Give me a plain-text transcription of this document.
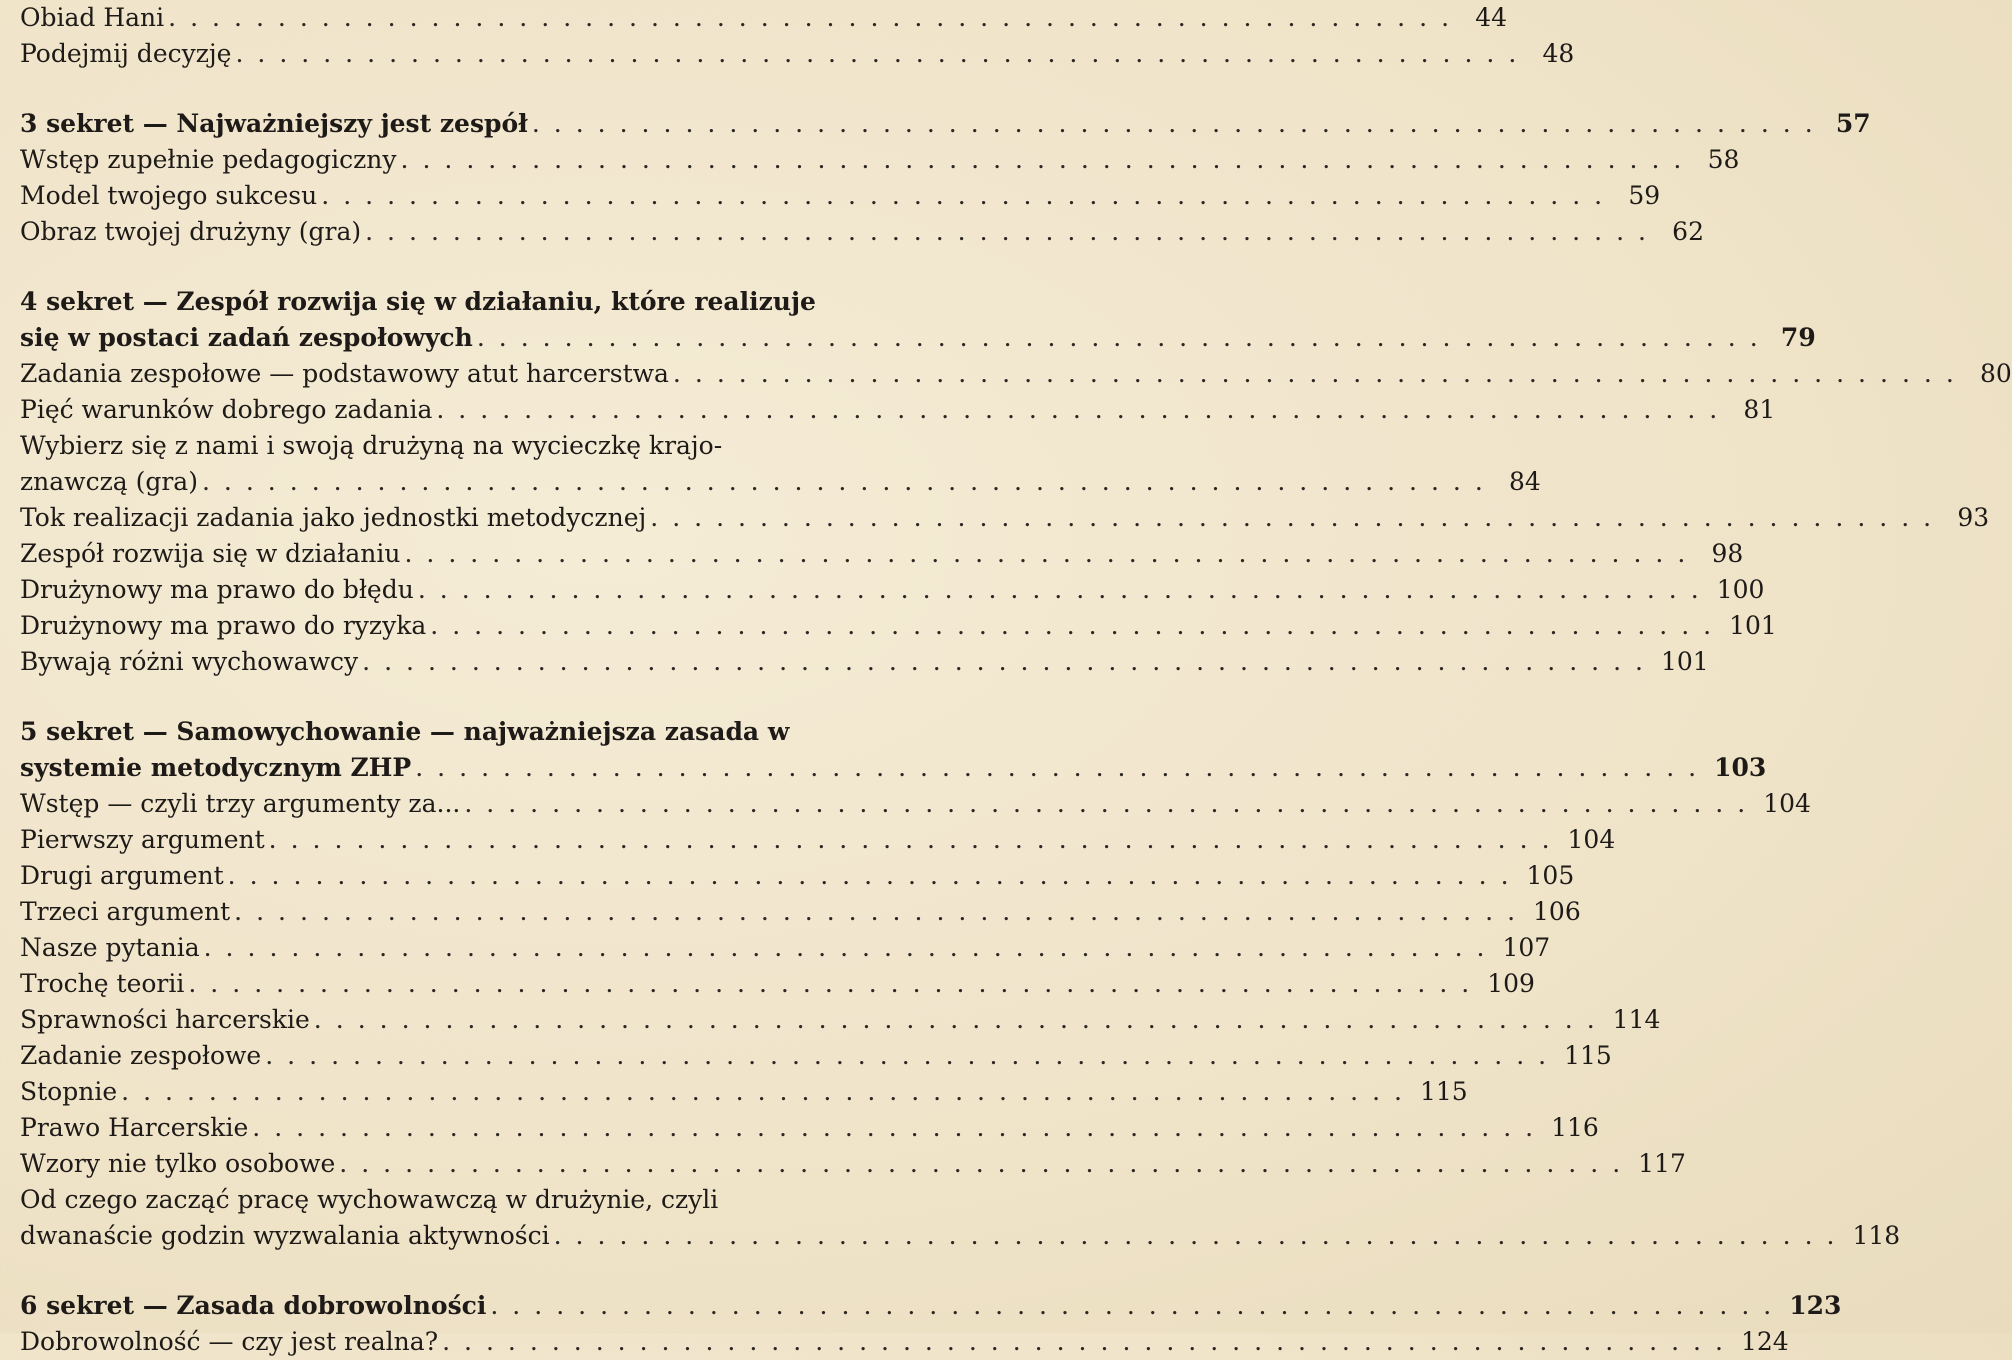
Obiad Hani ........................................................... 44
Podejmij decyzję ........................................................... 48
3 sekret — Najważniejszy jest zespół ........................................................... 57
Wstęp zupełnie pedagogiczny ........................................................... 58
Model twojego sukcesu ........................................................... 59
Obraz twojej drużyny (gra) ........................................................... 62
4 sekret — Zespół rozwija się w działaniu, które realizuje
się w postaci zadań zespołowych ........................................................... 79
Zadania zespołowe — podstawowy atut harcerstwa ........................................................... 80
Pięć warunków dobrego zadania ........................................................... 81
Wybierz się z nami i swoją drużyną na wycieczkę krajo-
znawczą (gra) ........................................................... 84
Tok realizacji zadania jako jednostki metodycznej ........................................................... 93
Zespół rozwija się w działaniu ........................................................... 98
Drużynowy ma prawo do błędu ........................................................... 100
Drużynowy ma prawo do ryzyka ........................................................... 101
Bywają różni wychowawcy ........................................................... 101
5 sekret — Samowychowanie — najważniejsza zasada w
systemie metodycznym ZHP ........................................................... 103
Wstęp — czyli trzy argumenty za... ........................................................... 104
Pierwszy argument ........................................................... 104
Drugi argument ........................................................... 105
Trzeci argument ........................................................... 106
Nasze pytania ........................................................... 107
Trochę teorii ........................................................... 109
Sprawności harcerskie ........................................................... 114
Zadanie zespołowe ........................................................... 115
Stopnie ........................................................... 115
Prawo Harcerskie ........................................................... 116
Wzory nie tylko osobowe ........................................................... 117
Od czego zacząć pracę wychowawczą w drużynie, czyli
dwanaście godzin wyzwalania aktywności ........................................................... 118
6 sekret — Zasada dobrowolności ........................................................... 123
Dobrowolność — czy jest realna? ........................................................... 124
